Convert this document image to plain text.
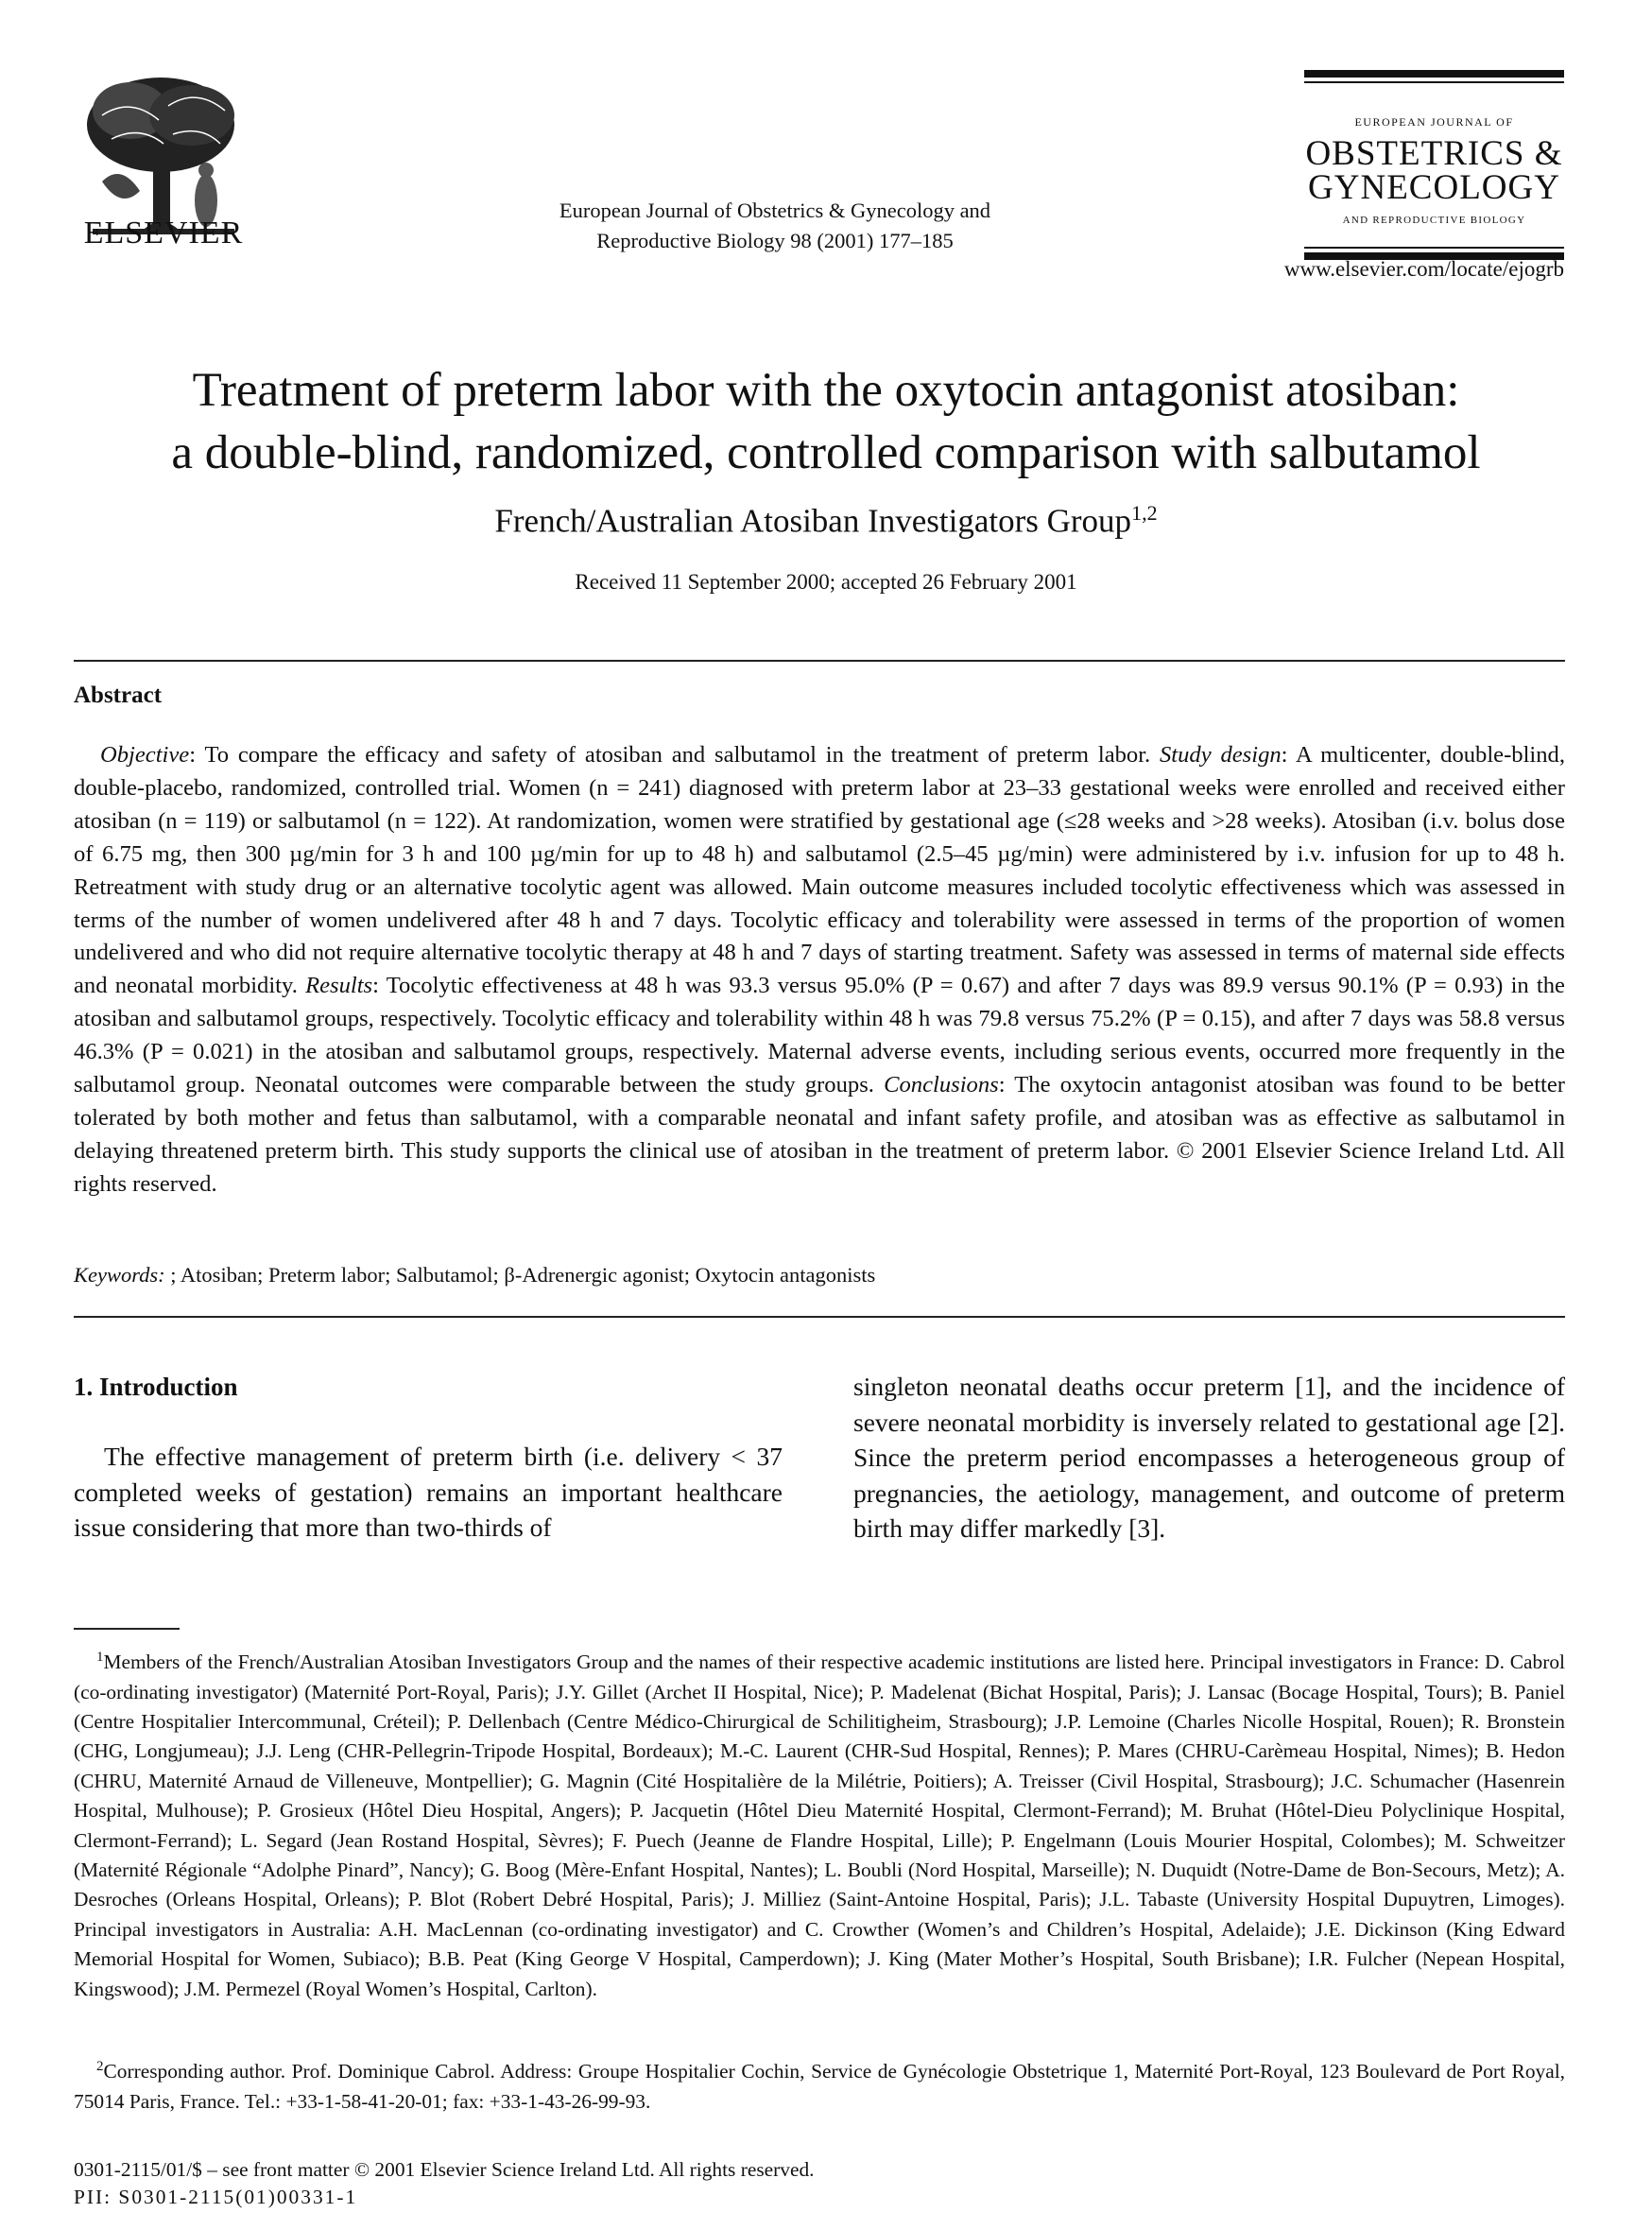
ELSEVIER
European Journal of Obstetrics & Gynecology and
Reproductive Biology 98 (2001) 177–185
EUROPEAN JOURNAL OF
OBSTETRICS &
GYNECOLOGY
AND REPRODUCTIVE BIOLOGY
www.elsevier.com/locate/ejogrb
Treatment of preterm labor with the oxytocin antagonist atosiban:
a double-blind, randomized, controlled comparison with salbutamol
French/Australian Atosiban Investigators Group$^{1,2}$
Received 11 September 2000; accepted 26 February 2001
Abstract
Objective: To compare the efficacy and safety of atosiban and salbutamol in the treatment of preterm labor. Study design: A multicenter, double-blind, double-placebo, randomized, controlled trial. Women (n = 241) diagnosed with preterm labor at 23–33 gestational weeks were enrolled and received either atosiban (n = 119) or salbutamol (n = 122). At randomization, women were stratified by gestational age (≤28 weeks and >28 weeks). Atosiban (i.v. bolus dose of 6.75 mg, then 300 µg/min for 3 h and 100 µg/min for up to 48 h) and salbutamol (2.5–45 µg/min) were administered by i.v. infusion for up to 48 h. Retreatment with study drug or an alternative tocolytic agent was allowed. Main outcome measures included tocolytic effectiveness which was assessed in terms of the number of women undelivered after 48 h and 7 days. Tocolytic efficacy and tolerability were assessed in terms of the proportion of women undelivered and who did not require alternative tocolytic therapy at 48 h and 7 days of starting treatment. Safety was assessed in terms of maternal side effects and neonatal morbidity. Results: Tocolytic effectiveness at 48 h was 93.3 versus 95.0% (P = 0.67) and after 7 days was 89.9 versus 90.1% (P = 0.93) in the atosiban and salbutamol groups, respectively. Tocolytic efficacy and tolerability within 48 h was 79.8 versus 75.2% (P = 0.15), and after 7 days was 58.8 versus 46.3% (P = 0.021) in the atosiban and salbutamol groups, respectively. Maternal adverse events, including serious events, occurred more frequently in the salbutamol group. Neonatal outcomes were comparable between the study groups. Conclusions: The oxytocin antagonist atosiban was found to be better tolerated by both mother and fetus than salbutamol, with a comparable neonatal and infant safety profile, and atosiban was as effective as salbutamol in delaying threatened preterm birth. This study supports the clinical use of atosiban in the treatment of preterm labor. © 2001 Elsevier Science Ireland Ltd. All rights reserved.
Keywords: ; Atosiban; Preterm labor; Salbutamol; β-Adrenergic agonist; Oxytocin antagonists
1. Introduction
The effective management of preterm birth (i.e. delivery < 37 completed weeks of gestation) remains an important healthcare issue considering that more than two-thirds of
singleton neonatal deaths occur preterm [1], and the incidence of severe neonatal morbidity is inversely related to gestational age [2]. Since the preterm period encompasses a heterogeneous group of pregnancies, the aetiology, management, and outcome of preterm birth may differ markedly [3].
$^1$Members of the French/Australian Atosiban Investigators Group and the names of their respective academic institutions are listed here. Principal investigators in France: D. Cabrol (co-ordinating investigator) (Maternité Port-Royal, Paris); J.Y. Gillet (Archet II Hospital, Nice); P. Madelenat (Bichat Hospital, Paris); J. Lansac (Bocage Hospital, Tours); B. Paniel (Centre Hospitalier Intercommunal, Créteil); P. Dellenbach (Centre Médico-Chirurgical de Schilitigheim, Strasbourg); J.P. Lemoine (Charles Nicolle Hospital, Rouen); R. Bronstein (CHG, Longjumeau); J.J. Leng (CHR-Pellegrin-Tripode Hospital, Bordeaux); M.-C. Laurent (CHR-Sud Hospital, Rennes); P. Mares (CHRU-Carèmeau Hospital, Nimes); B. Hedon (CHRU, Maternité Arnaud de Villeneuve, Montpellier); G. Magnin (Cité Hospitalière de la Milétrie, Poitiers); A. Treisser (Civil Hospital, Strasbourg); J.C. Schumacher (Hasenrein Hospital, Mulhouse); P. Grosieux (Hôtel Dieu Hospital, Angers); P. Jacquetin (Hôtel Dieu Maternité Hospital, Clermont-Ferrand); M. Bruhat (Hôtel-Dieu Polyclinique Hospital, Clermont-Ferrand); L. Segard (Jean Rostand Hospital, Sèvres); F. Puech (Jeanne de Flandre Hospital, Lille); P. Engelmann (Louis Mourier Hospital, Colombes); M. Schweitzer (Maternité Régionale “Adolphe Pinard”, Nancy); G. Boog (Mère-Enfant Hospital, Nantes); L. Boubli (Nord Hospital, Marseille); N. Duquidt (Notre-Dame de Bon-Secours, Metz); A. Desroches (Orleans Hospital, Orleans); P. Blot (Robert Debré Hospital, Paris); J. Milliez (Saint-Antoine Hospital, Paris); J.L. Tabaste (University Hospital Dupuytren, Limoges). Principal investigators in Australia: A.H. MacLennan (co-ordinating investigator) and C. Crowther (Women’s and Children’s Hospital, Adelaide); J.E. Dickinson (King Edward Memorial Hospital for Women, Subiaco); B.B. Peat (King George V Hospital, Camperdown); J. King (Mater Mother’s Hospital, South Brisbane); I.R. Fulcher (Nepean Hospital, Kingswood); J.M. Permezel (Royal Women’s Hospital, Carlton).
$^2$Corresponding author. Prof. Dominique Cabrol. Address: Groupe Hospitalier Cochin, Service de Gynécologie Obstetrique 1, Maternité Port-Royal, 123 Boulevard de Port Royal, 75014 Paris, France. Tel.: +33-1-58-41-20-01; fax: +33-1-43-26-99-93.
0301-2115/01/$ – see front matter © 2001 Elsevier Science Ireland Ltd. All rights reserved.
PII: S0301-2115(01)00331-1
